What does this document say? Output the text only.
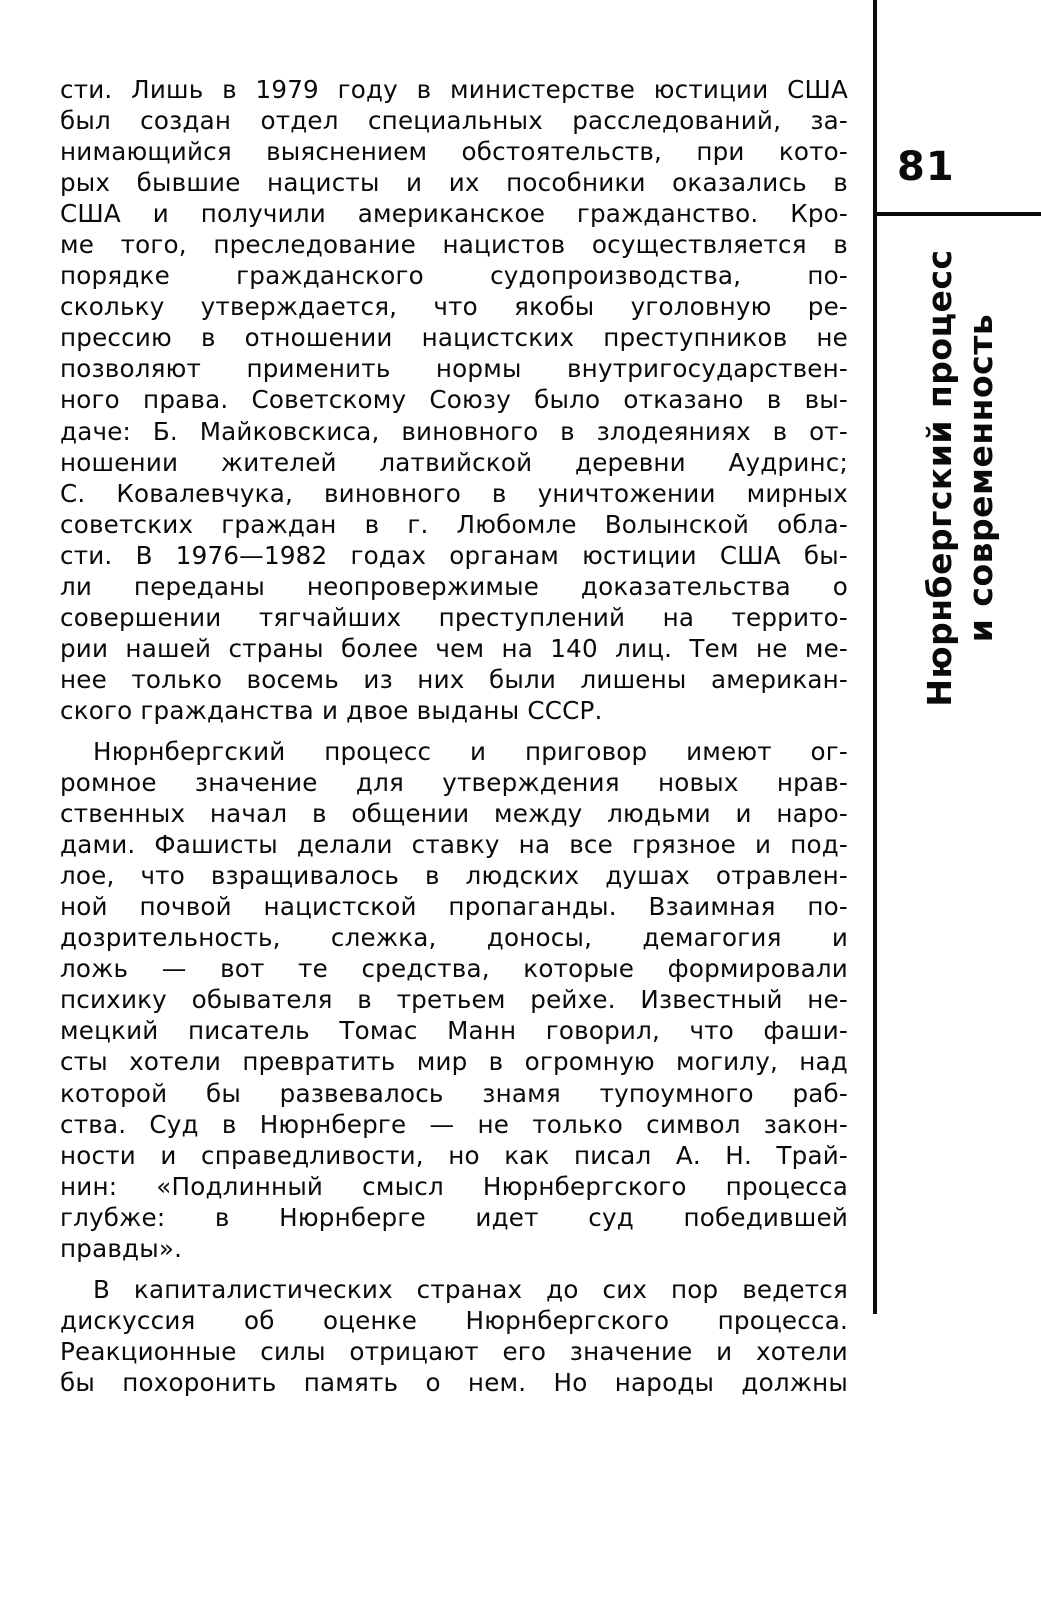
сти. Лишь в 1979 году в министерстве юстиции США
был создан отдел специальных расследований, за-
нимающийся выяснением обстоятельств, при кото-
рых бывшие нацисты и их пособники оказались в
США и получили американское гражданство. Кро-
ме того, преследование нацистов осуществляется в
порядке гражданского судопроизводства, по-
скольку утверждается, что якобы уголовную ре-
прессию в отношении нацистских преступников не
позволяют применить нормы внутригосударствен-
ного права. Советскому Союзу было отказано в вы-
даче: Б. Майковскиса, виновного в злодеяниях в от-
ношении жителей латвийской деревни Аудринс;
С. Ковалевчука, виновного в уничтожении мирных
советских граждан в г. Любомле Волынской обла-
сти. В 1976—1982 годах органам юстиции США бы-
ли переданы неопровержимые доказательства о
совершении тягчайших преступлений на террито-
рии нашей страны более чем на 140 лиц. Тем не ме-
нее только восемь из них были лишены американ-
ского гражданства и двое выданы СССР.
Нюрнбергский процесс и приговор имеют ог-
ромное значение для утверждения новых нрав-
ственных начал в общении между людьми и наро-
дами. Фашисты делали ставку на все грязное и под-
лое, что взращивалось в людских душах отравлен-
ной почвой нацистской пропаганды. Взаимная по-
дозрительность, слежка, доносы, демагогия и
ложь — вот те средства, которые формировали
психику обывателя в третьем рейхе. Известный не-
мецкий писатель Томас Манн говорил, что фаши-
сты хотели превратить мир в огромную могилу, над
которой бы развевалось знамя тупоумного раб-
ства. Суд в Нюрнберге — не только символ закон-
ности и справедливости, но как писал А. Н. Трай-
нин: «Подлинный смысл Нюрнбергского процесса
глубже: в Нюрнберге идет суд победившей
правды».
В капиталистических странах до сих пор ведется
дискуссия об оценке Нюрнбергского процесса.
Реакционные силы отрицают его значение и хотели
бы похоронить память о нем. Но народы должны
81
Нюрнбергский процесс и современность
